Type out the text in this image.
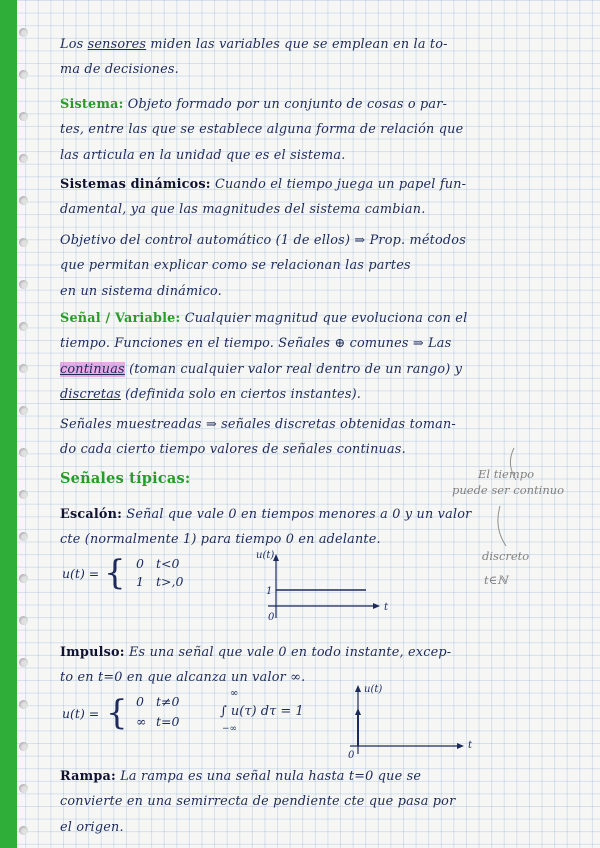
Los sensores miden las variables que se emplean en la to-

ma de decisiones.

Sistema: Objeto formado por un conjunto de cosas o par-

tes, entre las que se establece alguna forma de relación que

las articula en la unidad que es el sistema.

Sistemas dinámicos: Cuando el tiempo juega un papel fun-

damental, ya que las magnitudes del sistema cambian.

Objetivo del control automático (1 de ellos) ⇒ Prop. métodos

que permitan explicar como se relacionan las partes

en un sistema dinámico.

Señal / Variable: Cualquier magnitud que evoluciona con el

tiempo. Funciones en el tiempo. Señales ⊕ comunes ⇒ Las

continuas (toman cualquier valor real dentro de un rango) y

discretas (definida solo en ciertos instantes).

Señales muestreadas ⇒ señales discretas obtenidas toman-

do cada cierto tiempo valores de señales continuas.

Señales típicas:	El tiempo
puede ser continuo
discreto
t∈ℕ

Escalón: Señal que vale 0 en tiempos menores a 0 y un valor

cte (normalmente 1) para tiempo 0 en adelante.

u(t) = { 0 t<0
1 t>,0
u(t)
t
1
0

Impulso: Es una señal que vale 0 en todo instante, excep-

to en t=0 en que alcanza un valor ∞.

u(t) = { 0 t≠0
∞ t=0
∞
∫ u(τ) dτ = 1
−∞
u(t)
t
0

Rampa: La rampa es una señal nula hasta t=0 que se

convierte en una semirrecta de pendiente cte que pasa por

el origen.
